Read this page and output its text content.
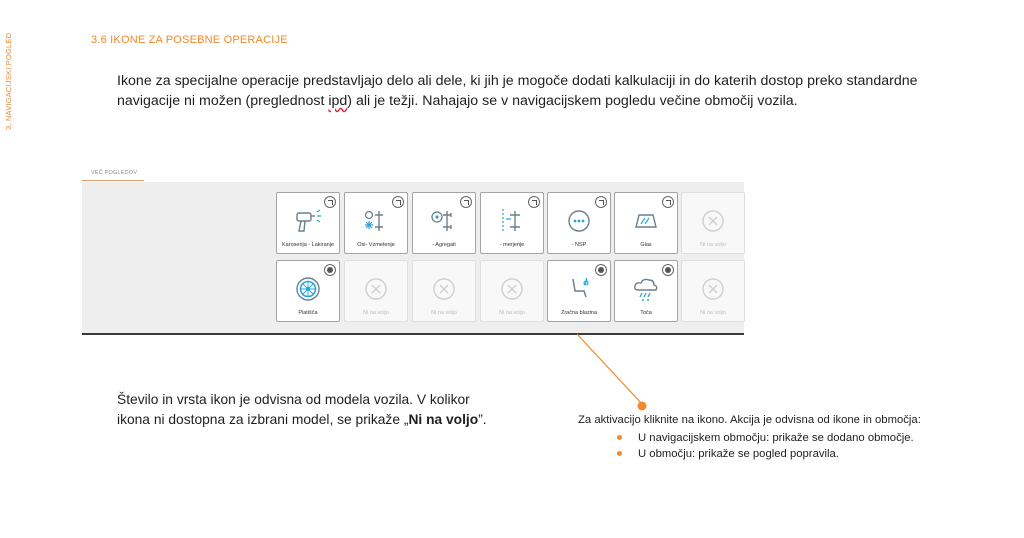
3. NAVIGACIJSKI POGLED	3.6 IKONE ZA POSEBNE OPERACIJE
Ikone za specijalne operacije predstavljajo delo ali dele, ki jih je mogoče dodati kalkulaciji in do katerih dostop preko standardne navigacije ni možen (preglednost ipd) ali je težji. Nahajajo se v navigacijskem pogledu večine območij vozila.
VEČ POGLEDOV
Karoserija - Lakiranje	Osi- Vzmetenje	- Agregati	- merjenje	- NSP	Glas	Ni na voljo
Platišča	Ni na voljo	Ni na voljo	Ni na voljo	Zračna blazina	Toča	Ni na voljo
Število in vrsta ikon je odvisna od modela vozila. V kolikor ikona ni dostopna za izbrani model, se prikaže „Ni na voljo”.	Za aktivacijo kliknite na ikono. Akcija je odvisna od ikone in območja:
U navigacijskem območju: prikaže se dodano območje.
U območju: prikaže se pogled popravila.
